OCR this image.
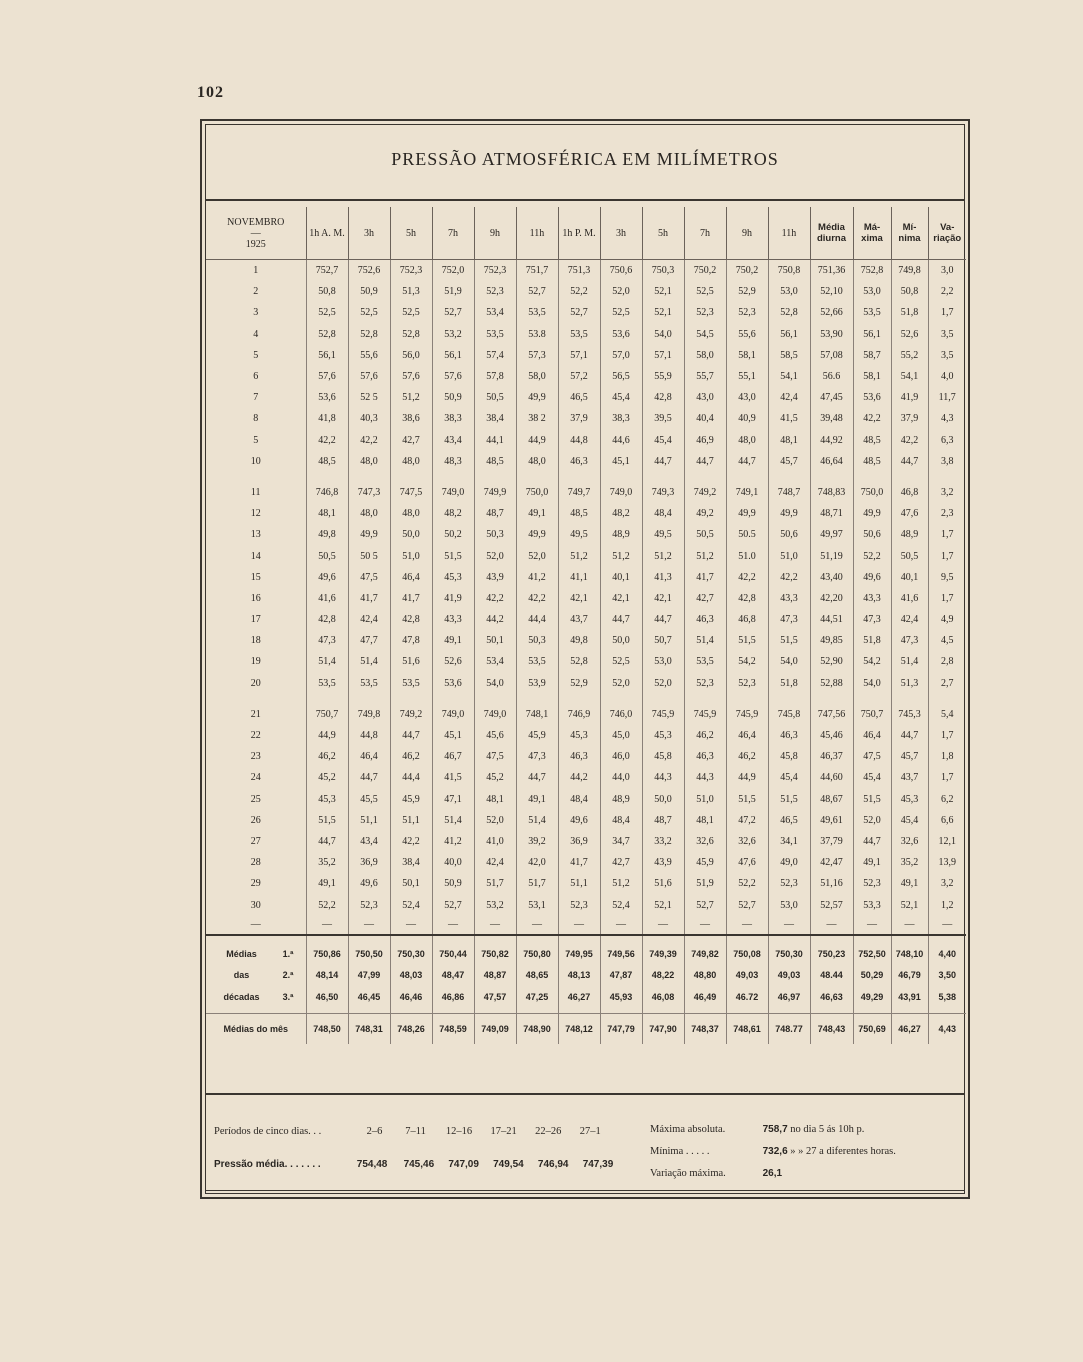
102
PRESSÃO ATMOSFÉRICA EM MILÍMETROS
NOVEMBRO
—
1925	1h A. M.	3h	5h	7h	9h	11h	1h P. M.	3h	5h	7h	9h	11h	Média diurna	Má- xima	Mí- nima	Va- riação
1	752,7	752,6	752,3	752,0	752,3	751,7	751,3	750,6	750,3	750,2	750,2	750,8	751,36	752,8	749,8	3,0
2	50,8	50,9	51,3	51,9	52,3	52,7	52,2	52,0	52,1	52,5	52,9	53,0	52,10	53,0	50,8	2,2
3	52,5	52,5	52,5	52,7	53,4	53,5	52,7	52,5	52,1	52,3	52,3	52,8	52,66	53,5	51,8	1,7
4	52,8	52,8	52,8	53,2	53,5	53.8	53,5	53,6	54,0	54,5	55,6	56,1	53,90	56,1	52,6	3,5
5	56,1	55,6	56,0	56,1	57,4	57,3	57,1	57,0	57,1	58,0	58,1	58,5	57,08	58,7	55,2	3,5
6	57,6	57,6	57,6	57,6	57,8	58,0	57,2	56,5	55,9	55,7	55,1	54,1	56.6	58,1	54,1	4,0
7	53,6	52 5	51,2	50,9	50,5	49,9	46,5	45,4	42,8	43,0	43,0	42,4	47,45	53,6	41,9	11,7
8	41,8	40,3	38,6	38,3	38,4	38 2	37,9	38,3	39,5	40,4	40,9	41,5	39,48	42,2	37,9	4,3
5	42,2	42,2	42,7	43,4	44,1	44,9	44,8	44,6	45,4	46,9	48,0	48,1	44,92	48,5	42,2	6,3
10	48,5	48,0	48,0	48,3	48,5	48,0	46,3	45,1	44,7	44,7	44,7	45,7	46,64	48,5	44,7	3,8

11	746,8	747,3	747,5	749,0	749,9	750,0	749,7	749,0	749,3	749,2	749,1	748,7	748,83	750,0	46,8	3,2
12	48,1	48,0	48,0	48,2	48,7	49,1	48,5	48,2	48,4	49,2	49,9	49,9	48,71	49,9	47,6	2,3
13	49,8	49,9	50,0	50,2	50,3	49,9	49,5	48,9	49,5	50,5	50.5	50,6	49,97	50,6	48,9	1,7
14	50,5	50 5	51,0	51,5	52,0	52,0	51,2	51,2	51,2	51,2	51.0	51,0	51,19	52,2	50,5	1,7
15	49,6	47,5	46,4	45,3	43,9	41,2	41,1	40,1	41,3	41,7	42,2	42,2	43,40	49,6	40,1	9,5
16	41,6	41,7	41,7	41,9	42,2	42,2	42,1	42,1	42,1	42,7	42,8	43,3	42,20	43,3	41,6	1,7
17	42,8	42,4	42,8	43,3	44,2	44,4	43,7	44,7	44,7	46,3	46,8	47,3	44,51	47,3	42,4	4,9
18	47,3	47,7	47,8	49,1	50,1	50,3	49,8	50,0	50,7	51,4	51,5	51,5	49,85	51,8	47,3	4,5
19	51,4	51,4	51,6	52,6	53,4	53,5	52,8	52,5	53,0	53,5	54,2	54,0	52,90	54,2	51,4	2,8
20	53,5	53,5	53,5	53,6	54,0	53,9	52,9	52,0	52,0	52,3	52,3	51,8	52,88	54,0	51,3	2,7

21	750,7	749,8	749,2	749,0	749,0	748,1	746,9	746,0	745,9	745,9	745,9	745,8	747,56	750,7	745,3	5,4
22	44,9	44,8	44,7	45,1	45,6	45,9	45,3	45,0	45,3	46,2	46,4	46,3	45,46	46,4	44,7	1,7
23	46,2	46,4	46,2	46,7	47,5	47,3	46,3	46,0	45,8	46,3	46,2	45,8	46,37	47,5	45,7	1,8
24	45,2	44,7	44,4	41,5	45,2	44,7	44,2	44,0	44,3	44,3	44,9	45,4	44,60	45,4	43,7	1,7
25	45,3	45,5	45,9	47,1	48,1	49,1	48,4	48,9	50,0	51,0	51,5	51,5	48,67	51,5	45,3	6,2
26	51,5	51,1	51,1	51,4	52,0	51,4	49,6	48,4	48,7	48,1	47,2	46,5	49,61	52,0	45,4	6,6
27	44,7	43,4	42,2	41,2	41,0	39,2	36,9	34,7	33,2	32,6	32,6	34,1	37,79	44,7	32,6	12,1
28	35,2	36,9	38,4	40,0	42,4	42,0	41,7	42,7	43,9	45,9	47,6	49,0	42,47	49,1	35,2	13,9
29	49,1	49,6	50,1	50,9	51,7	51,7	51,1	51,2	51,6	51,9	52,2	52,3	51,16	52,3	49,1	3,2
30	52,2	52,3	52,4	52,7	53,2	53,1	52,3	52,4	52,1	52,7	52,7	53,0	52,57	53,3	52,1	1,2
—	—	—	—	—	—	—	—	—	—	—	—	—	—	—	—	—

Médias 1.ª	750,86	750,50	750,30	750,44	750,82	750,80	749,95	749,56	749,39	749,82	750,08	750,30	750,23	752,50	748,10	4,40
das 2.ª	48,14	47,99	48,03	48,47	48,87	48,65	48,13	47,87	48,22	48,80	49,03	49,03	48.44	50,29	46,79	3,50
décadas 3.ª	46,50	46,45	46,46	46,86	47,57	47,25	46,27	45,93	46,08	46,49	46.72	46,97	46,63	49,29	43,91	5,38

Médias do mês	748,50	748,31	748,26	748,59	749,09	748,90	748,12	747,79	747,90	748,37	748,61	748.77	748,43	750,69	46,27	4,43
Períodos de cinco dias. . .	2–6 7–11 12–16 17–21 22–26 27–1
Pressão média. . . . . . .	754,48 745,46 747,09 749,54 746,94 747,39
Máxima absoluta.	758,7 no dia 5 ás 10h p.
Mínima . . . . .	732,6 » » 27 a diferentes horas.
Variação máxima.	26,1
